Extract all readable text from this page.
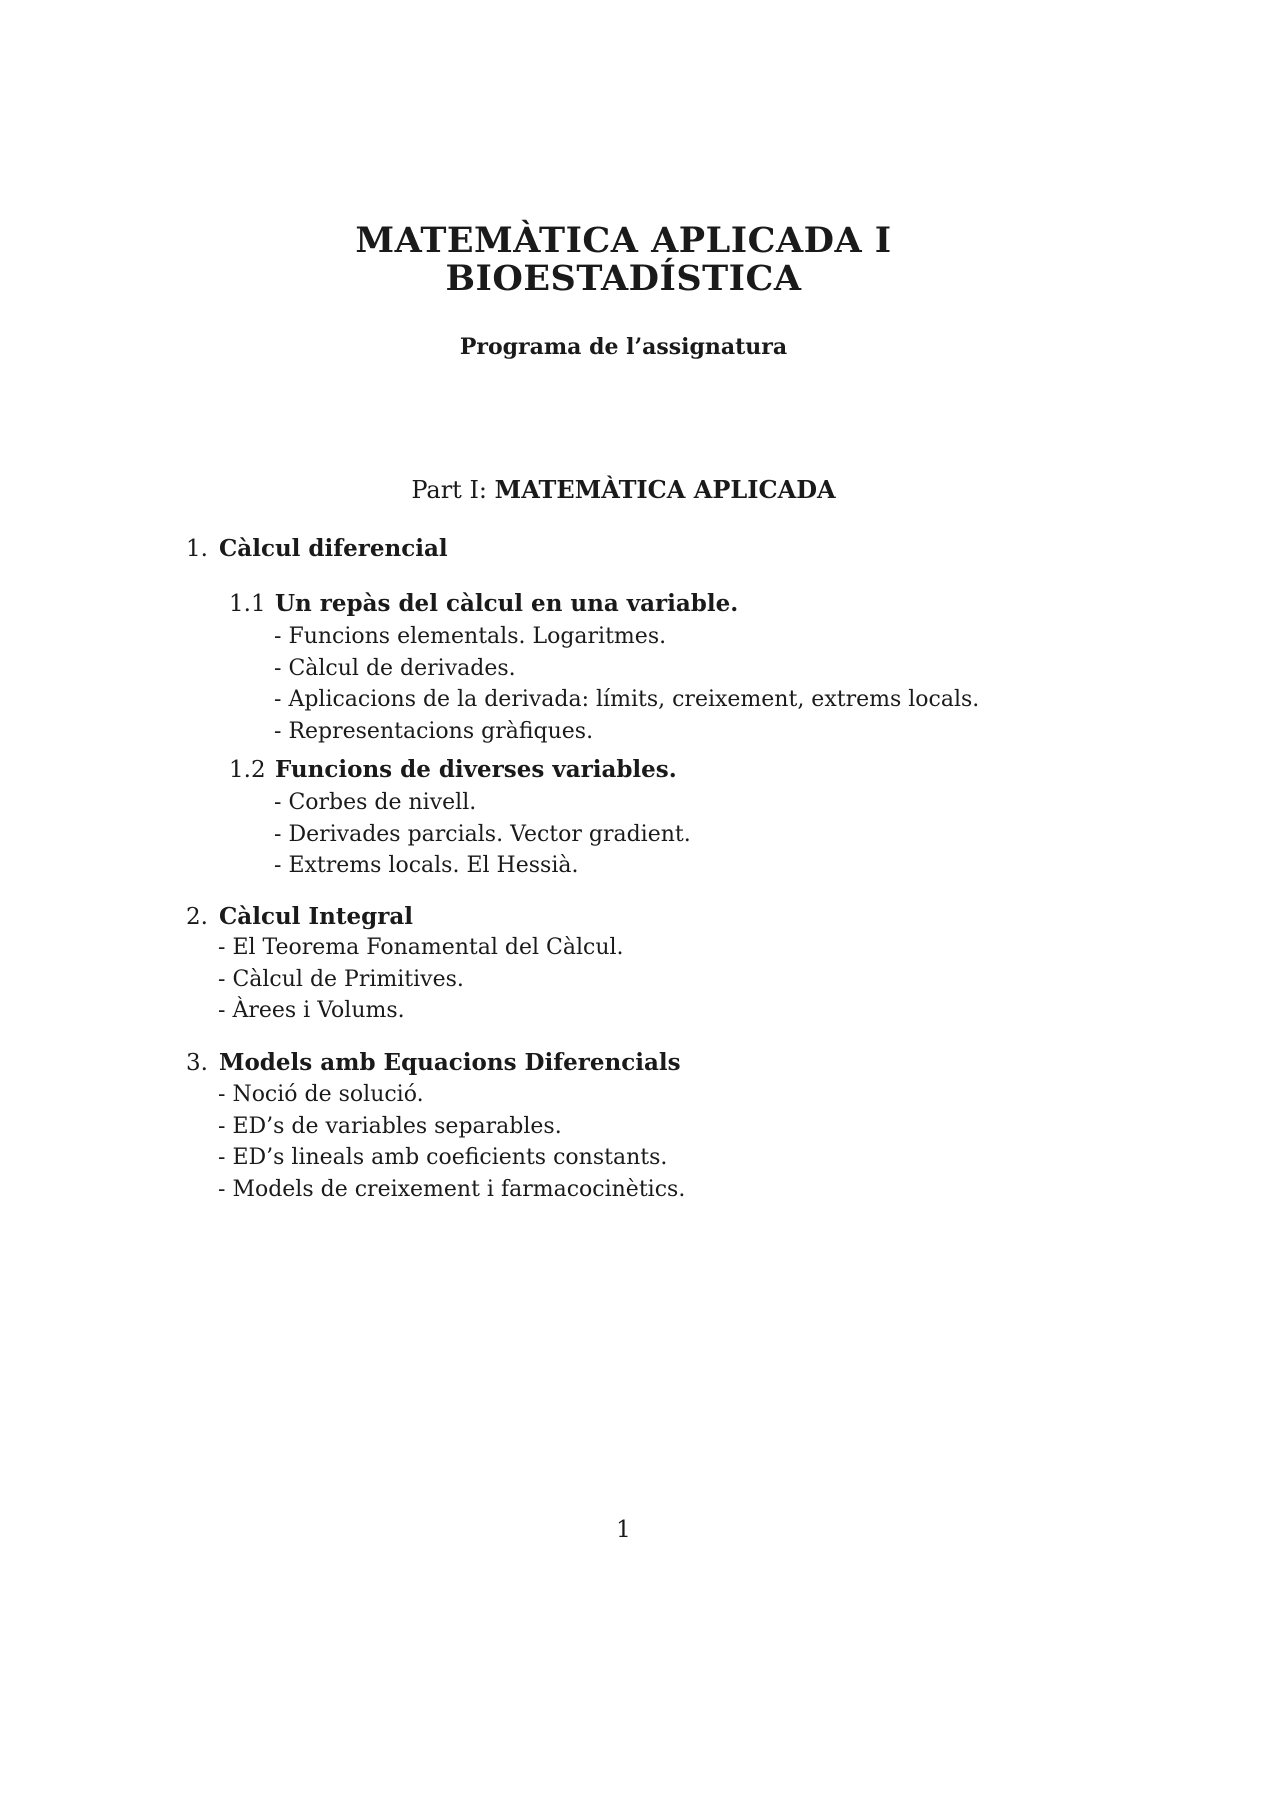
MATEMÀTICA APLICADA I
BIOESTADÍSTICA
Programa de l’assignatura
Part I: MATEMÀTICA APLICADA
1. Càlcul diferencial
1.1 Un repàs del càlcul en una variable.
- Funcions elementals. Logaritmes.
- Càlcul de derivades.
- Aplicacions de la derivada: límits, creixement, extrems locals.
- Representacions gràfiques.
1.2 Funcions de diverses variables.
- Corbes de nivell.
- Derivades parcials. Vector gradient.
- Extrems locals. El Hessià.
2. Càlcul Integral
- El Teorema Fonamental del Càlcul.
- Càlcul de Primitives.
- Àrees i Volums.
3. Models amb Equacions Diferencials
- Noció de solució.
- ED’s de variables separables.
- ED’s lineals amb coeficients constants.
- Models de creixement i farmacocinètics.
1
